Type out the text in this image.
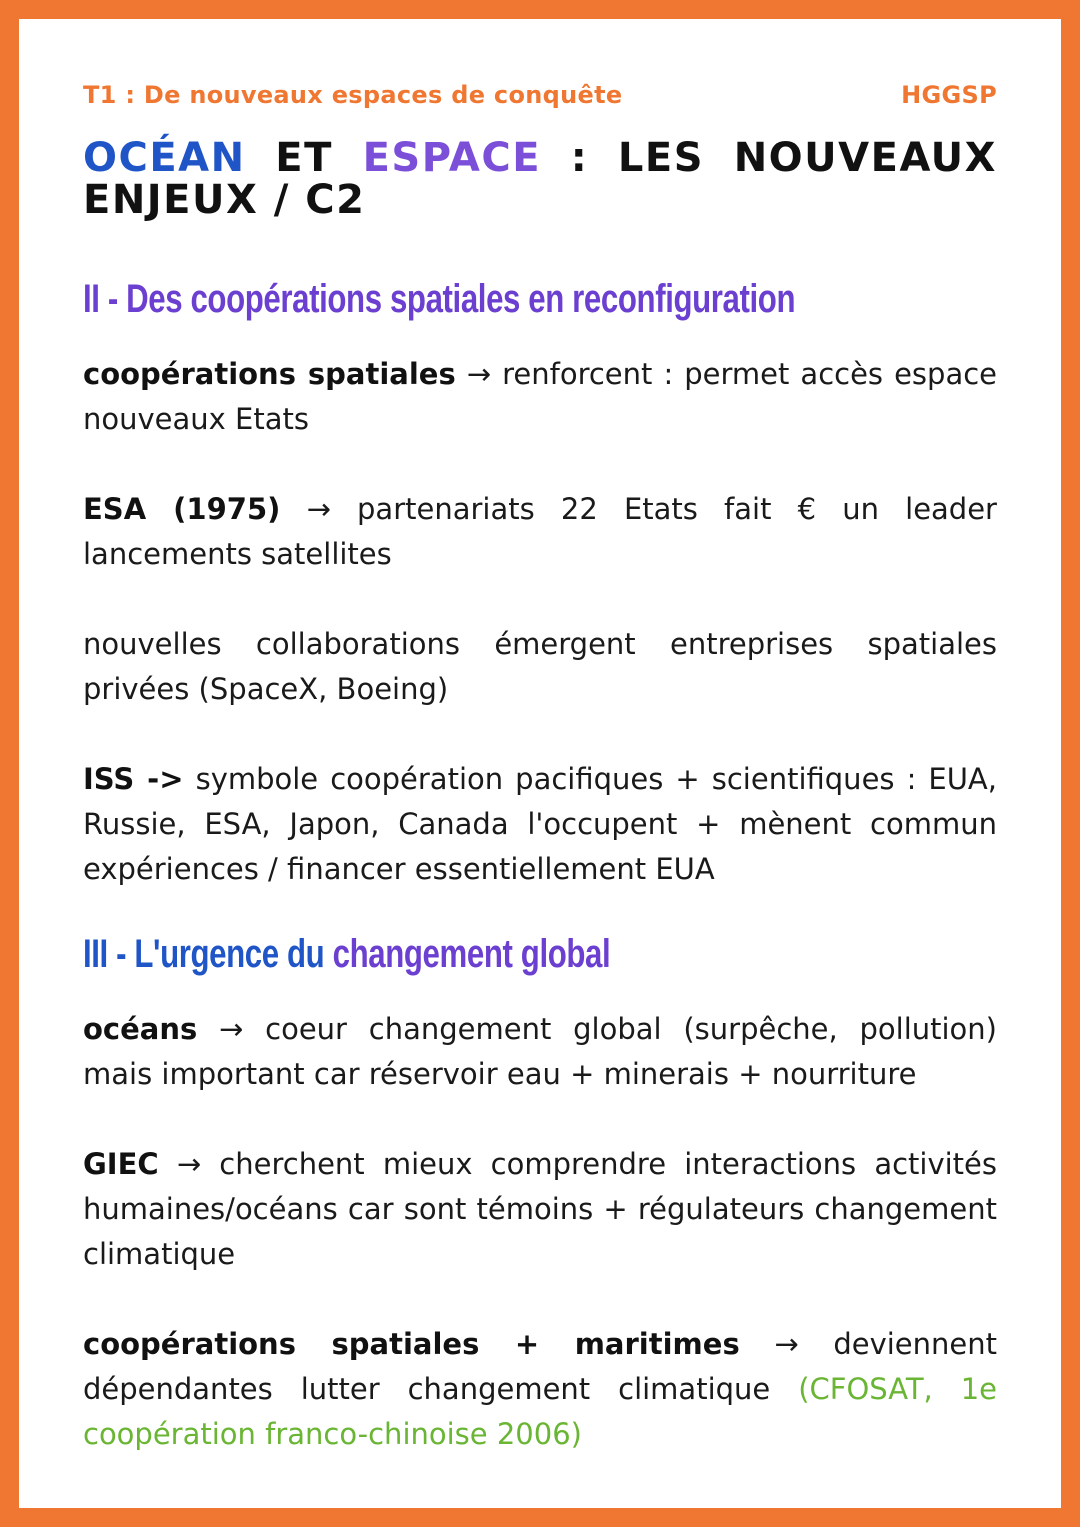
T1 : De nouveaux espaces de conquête	HGGSP
OCÉAN ET ESPACE : LES NOUVEAUX ENJEUX / C2
II - Des coopérations spatiales en reconfiguration
coopérations spatiales → renforcent : permet accès espace nouveaux Etats
ESA (1975) → partenariats 22 Etats fait € un leader lancements satellites
nouvelles collaborations émergent entreprises spatiales privées (SpaceX, Boeing)
ISS -> symbole coopération pacifiques + scientifiques : EUA, Russie, ESA, Japon, Canada l'occupent + mènent commun expériences / financer essentiellement EUA
III - L'urgence du changement global
océans → coeur changement global (surpêche, pollution) mais important car réservoir eau + minerais + nourriture
GIEC → cherchent mieux comprendre interactions activités humaines/océans car sont témoins + régulateurs changement climatique
coopérations spatiales + maritimes → deviennent dépendantes lutter changement climatique (CFOSAT, 1e coopération franco-chinoise 2006)
